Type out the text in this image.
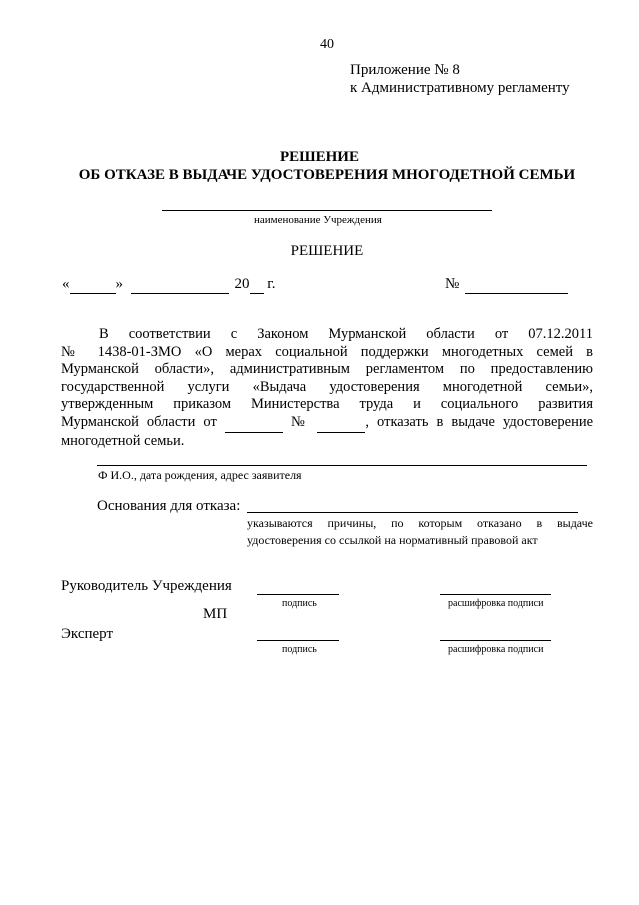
40
Приложение № 8
к Административному регламенту
РЕШЕНИЕ
ОБ ОТКАЗЕ В ВЫДАЧЕ УДОСТОВЕРЕНИЯ МНОГОДЕТНОЙ СЕМЬИ
наименование Учреждения
РЕШЕНИЕ
«	»	20  г.	№
В соответствии с Законом Мурманской области от 07.12.2011
№ 1438-01-ЗМО «О мерах социальной поддержки многодетных семей в
Мурманской области», административным регламентом по предоставлению
государственной услуги «Выдача удостоверения многодетной семьи»,
утвержденным приказом Министерства труда и социального развития
Мурманской области от	№	, отказать в выдаче удостоверение
многодетной семьи.
Ф И.О., дата рождения, адрес заявителя
Основания для отказа:
указываются причины, по которым отказано в выдаче
удостоверения со ссылкой на нормативный правовой акт
Руководитель Учреждения
подпись	расшифровка подписи
МП
Эксперт
подпись	расшифровка подписи
